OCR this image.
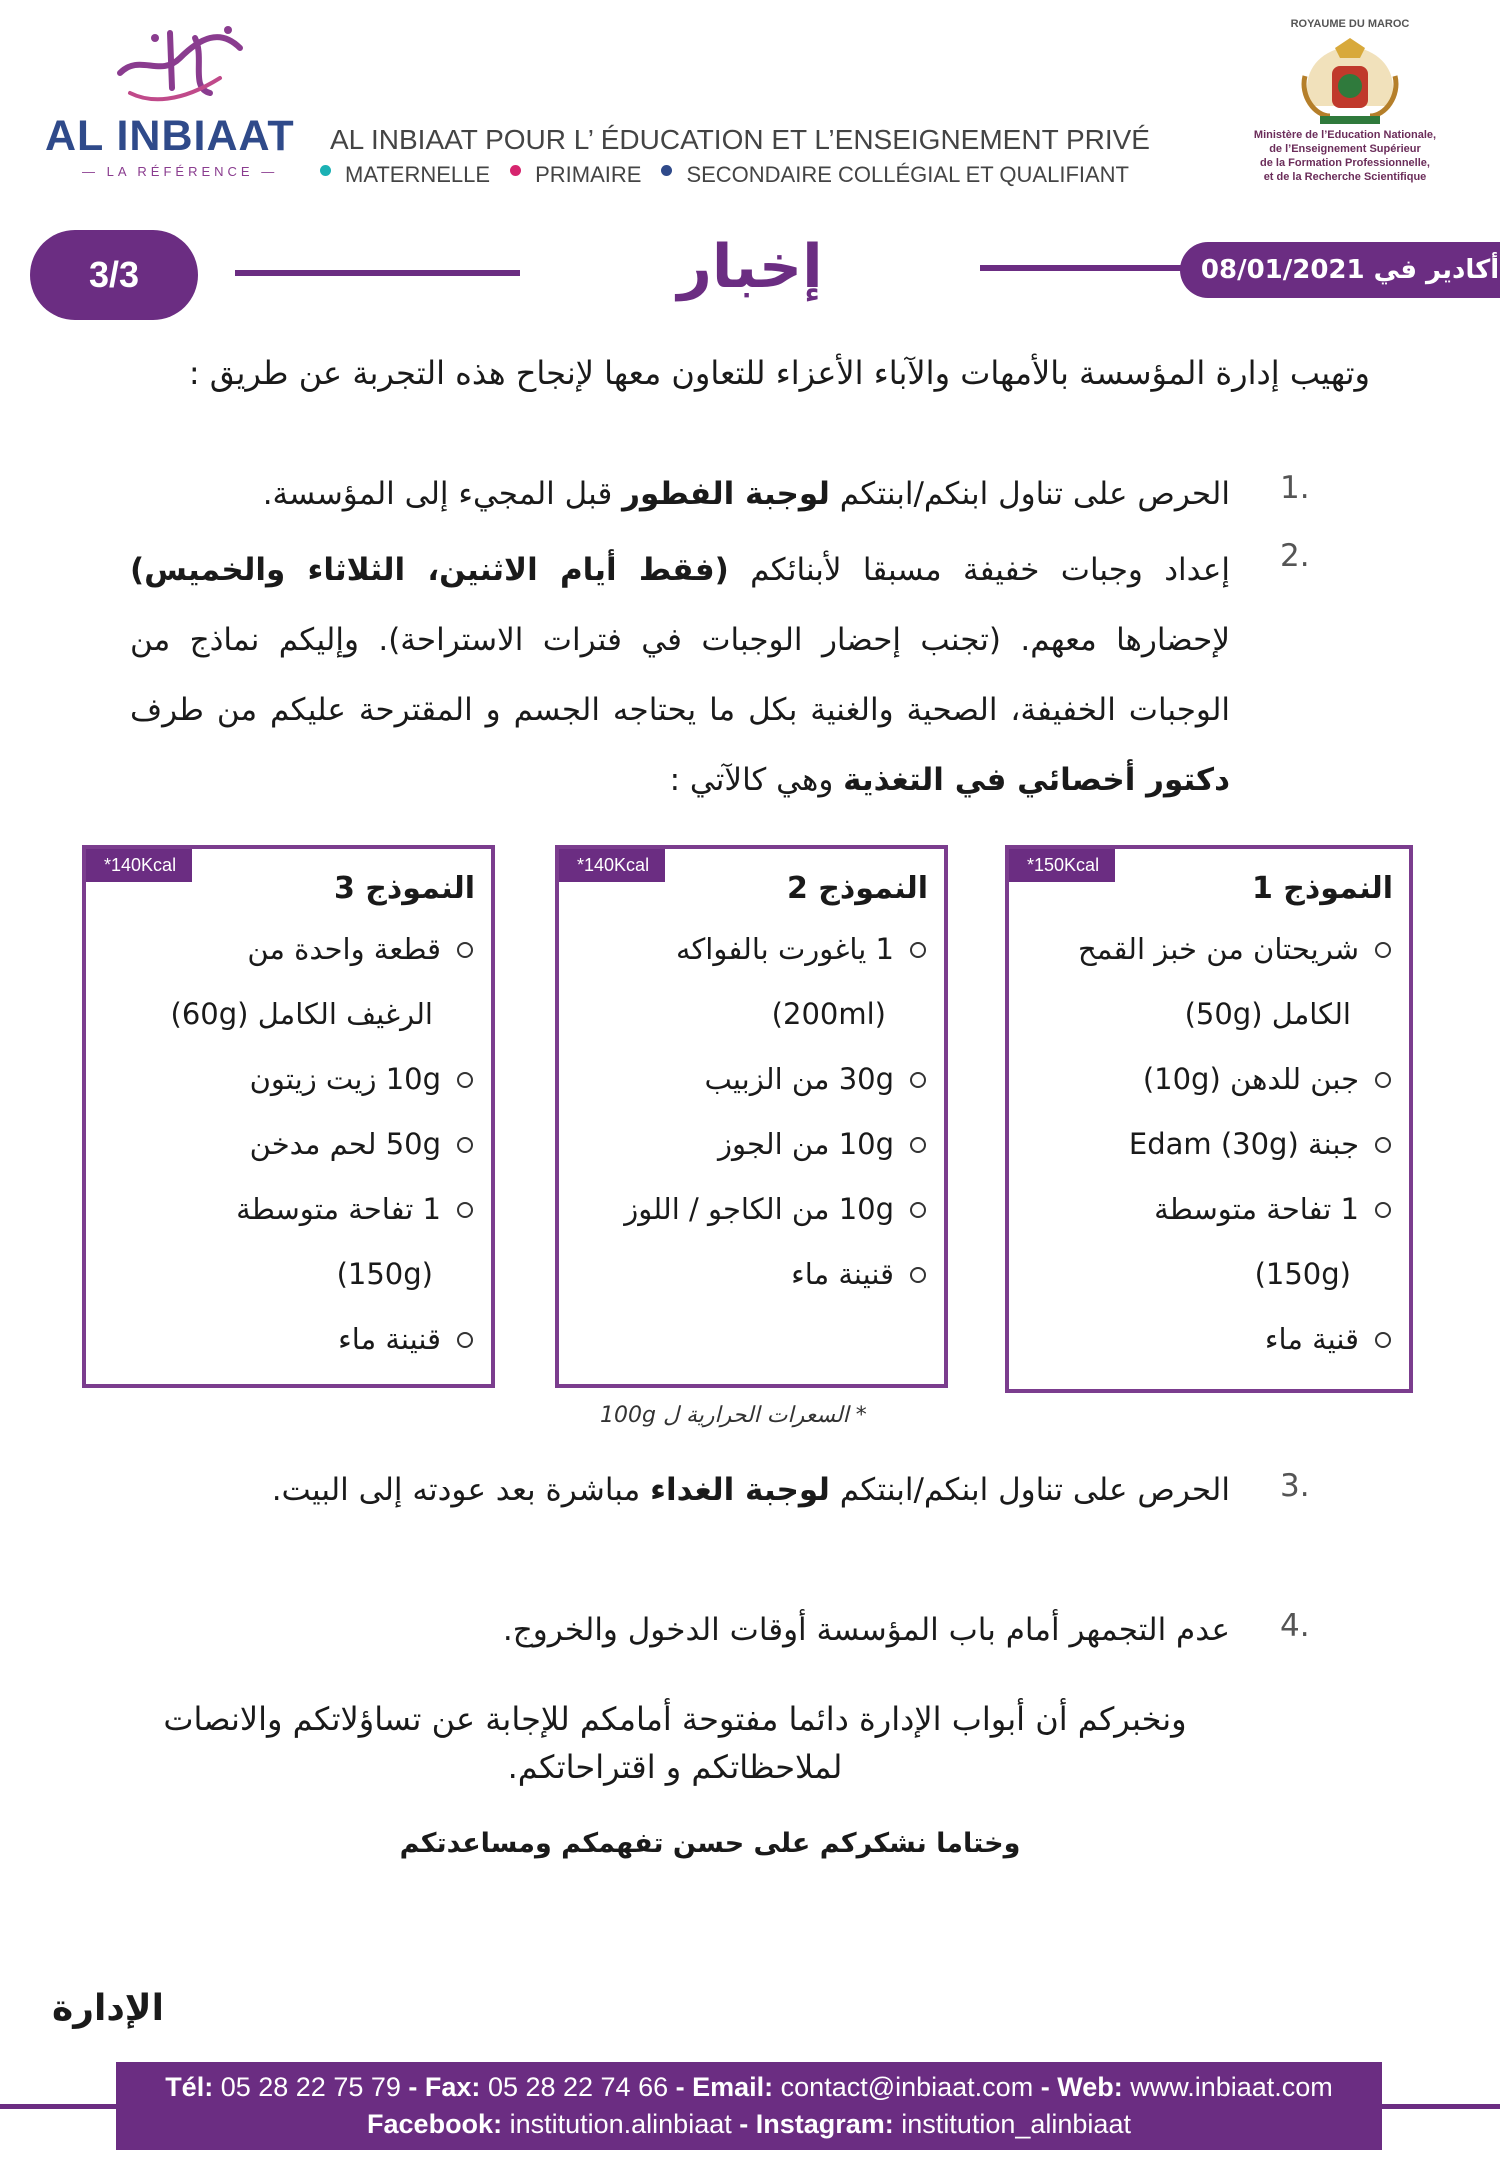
AL INBIAAT
— LA RÉFÉRENCE —
AL INBIAAT POUR L’ ÉDUCATION ET L’ENSEIGNEMENT PRIVÉ
MATERNELLE	PRIMAIRE	SECONDAIRE COLLÉGIAL ET QUALIFIANT
ROYAUME DU MAROC
Ministère de l’Education Nationale,
de l’Enseignement Supérieur
de la Formation Professionnelle,
et de la Recherche Scientifique
3/3	إخبار	أكادير في 08/01/2021
وتهيب إدارة المؤسسة بالأمهات والآباء الأعزاء للتعاون معها لإنجاح هذه التجربة عن طريق :
1.
الحرص على تناول ابنكم/ابنتكم لوجبة الفطور قبل المجيء إلى المؤسسة.
2.
إعداد وجبات خفيفة مسبقا لأبنائكم (فقط أيام الاثنين، الثلاثاء والخميس) لإحضارها معهم. (تجنب إحضار الوجبات في فترات الاستراحة). وإليكم نماذج من الوجبات الخفيفة، الصحية والغنية بكل ما يحتاجه الجسم و المقترحة عليكم من طرف دكتور أخصائي في التغذية وهي كالآتي :
*150Kcal
النموذج 1
شريحتان من خبز القمح
الكامل (50g)
جبن للدهن (10g)
جبنة Edam (30g)
1 تفاحة متوسطة
(150g)
قنية ماء
*140Kcal
النموذج 2
1 ياغورت بالفواكه
(200ml)
30g من الزبيب
10g من الجوز
10g من الكاجو / اللوز
قنينة ماء
*140Kcal
النموذج 3
قطعة واحدة من
الرغيف الكامل (60g)
10g زيت زيتون
50g لحم مدخن
1 تفاحة متوسطة
(150g)
قنينة ماء
* السعرات الحرارية ل 100g
3.
الحرص على تناول ابنكم/ابنتكم لوجبة الغداء مباشرة بعد عودته إلى البيت.
4.
عدم التجمهر أمام باب المؤسسة أوقات الدخول والخروج.
ونخبركم أن أبواب الإدارة دائما مفتوحة أمامكم للإجابة عن تساؤلاتكم والانصات لملاحظاتكم و اقتراحاتكم.
وختاما نشكركم على حسن تفهمكم ومساعدتكم
الإدارة
Tél: 05 28 22 75 79 - Fax: 05 28 22 74 66 - Email: contact@inbiaat.com - Web: www.inbiaat.com
Facebook: institution.alinbiaat - Instagram: institution_alinbiaat
